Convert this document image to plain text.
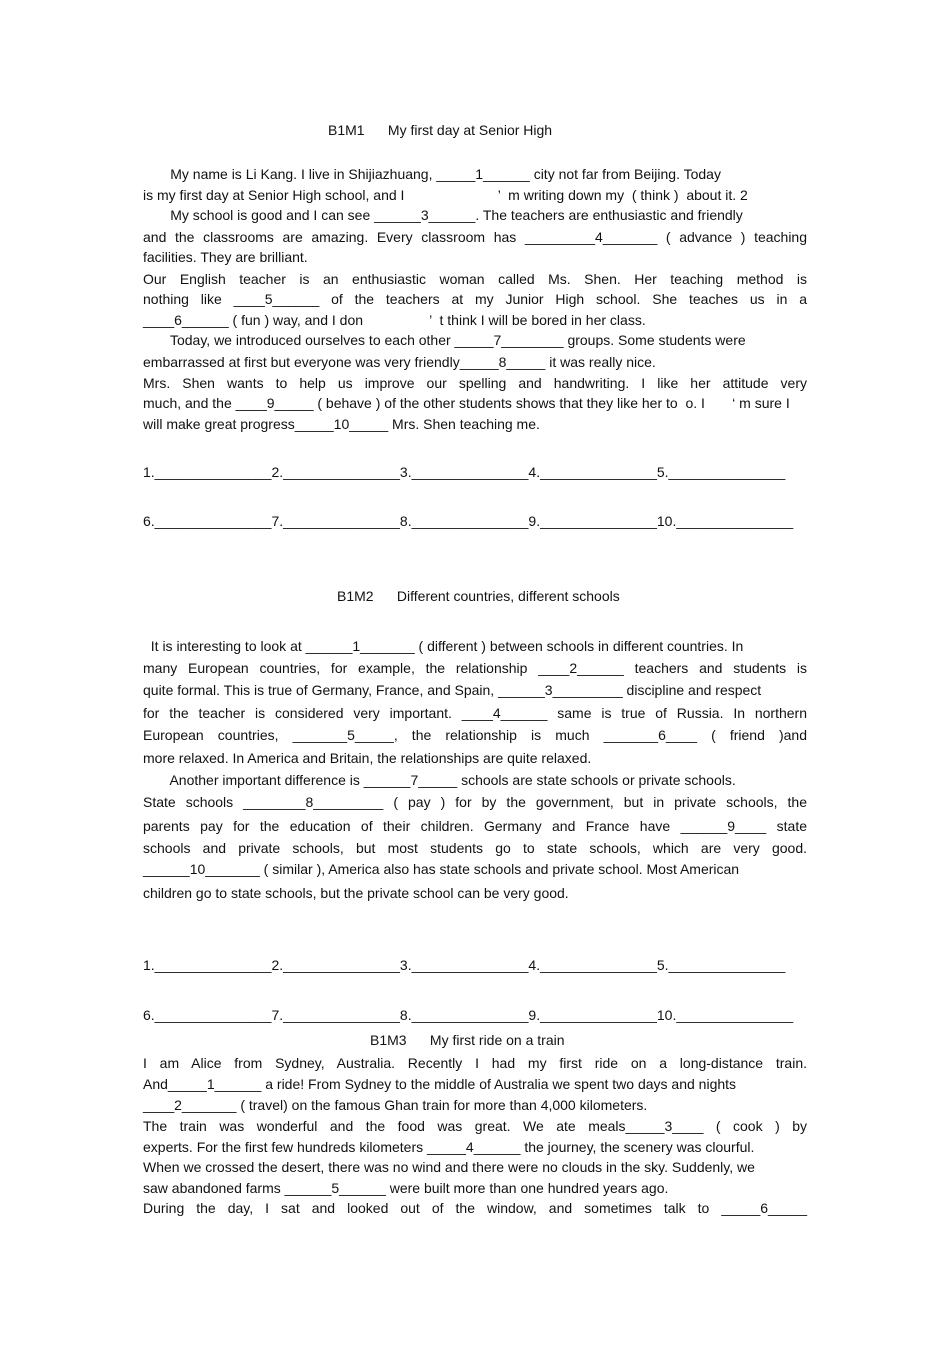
B1M1      My first day at Senior High
My name is Li Kang. I live in Shijiazhuang, _____1______ city not far from Beijing. Today
is my first day at Senior High school, and I                        ’  m writing down my  ( think )  about it. 2
My school is good and I can see ______3______. The teachers are enthusiastic and friendly
and the classrooms are amazing. Every classroom has _________4_______ ( advance ) teaching
facilities. They are brilliant.
Our English teacher is an enthusiastic woman called Ms. Shen. Her teaching method is
nothing like ____5______ of the teachers at my Junior High school. She teaches us in a
____6______ ( fun ) way, and I don                 ’  t think I will be bored in her class.
Today, we introduced ourselves to each other _____7________ groups. Some students were
embarrassed at first but everyone was very friendly_____8_____ it was really nice.
Mrs. Shen wants to help us improve our spelling and handwriting. I like her attitude very
much, and the ____9_____ ( behave ) of the other students shows that they like her to  o. I       ‘ m sure I
will make great progress_____10_____ Mrs. Shen teaching me.
1._______________2._______________3._______________4._______________5._______________
6._______________7._______________8._______________9._______________10._______________
B1M2      Different countries, different schools
It is interesting to look at ______1_______ ( different ) between schools in different countries. In
many European countries, for example, the relationship ____2______ teachers and students is
quite formal. This is true of Germany, France, and Spain, ______3_________ discipline and respect
for the teacher is considered very important. ____4______ same is true of Russia. In northern
European countries, _______5_____, the relationship is much _______6____ ( friend )and
more relaxed. In America and Britain, the relationships are quite relaxed.
Another important difference is ______7_____ schools are state schools or private schools.
State schools ________8_________ ( pay ) for by the government, but in private schools, the
parents pay for the education of their children. Germany and France have ______9____ state
schools and private schools, but most students go to state schools, which are very good.
______10_______ ( similar ), America also has state schools and private school. Most American
children go to state schools, but the private school can be very good.
1._______________2._______________3._______________4._______________5._______________
6._______________7._______________8._______________9._______________10._______________
B1M3      My first ride on a train
I am Alice from Sydney, Australia. Recently I had my first ride on a long-distance train.
And_____1______ a ride! From Sydney to the middle of Australia we spent two days and nights
____2_______ ( travel) on the famous Ghan train for more than 4,000 kilometers.
The train was wonderful and the food was great. We ate meals_____3____ ( cook ) by
experts. For the first few hundreds kilometers _____4______ the journey, the scenery was clourful.
When we crossed the desert, there was no wind and there were no clouds in the sky. Suddenly, we
saw abandoned farms ______5______ were built more than one hundred years ago.
During the day, I sat and looked out of the window, and sometimes talk to _____6_____
